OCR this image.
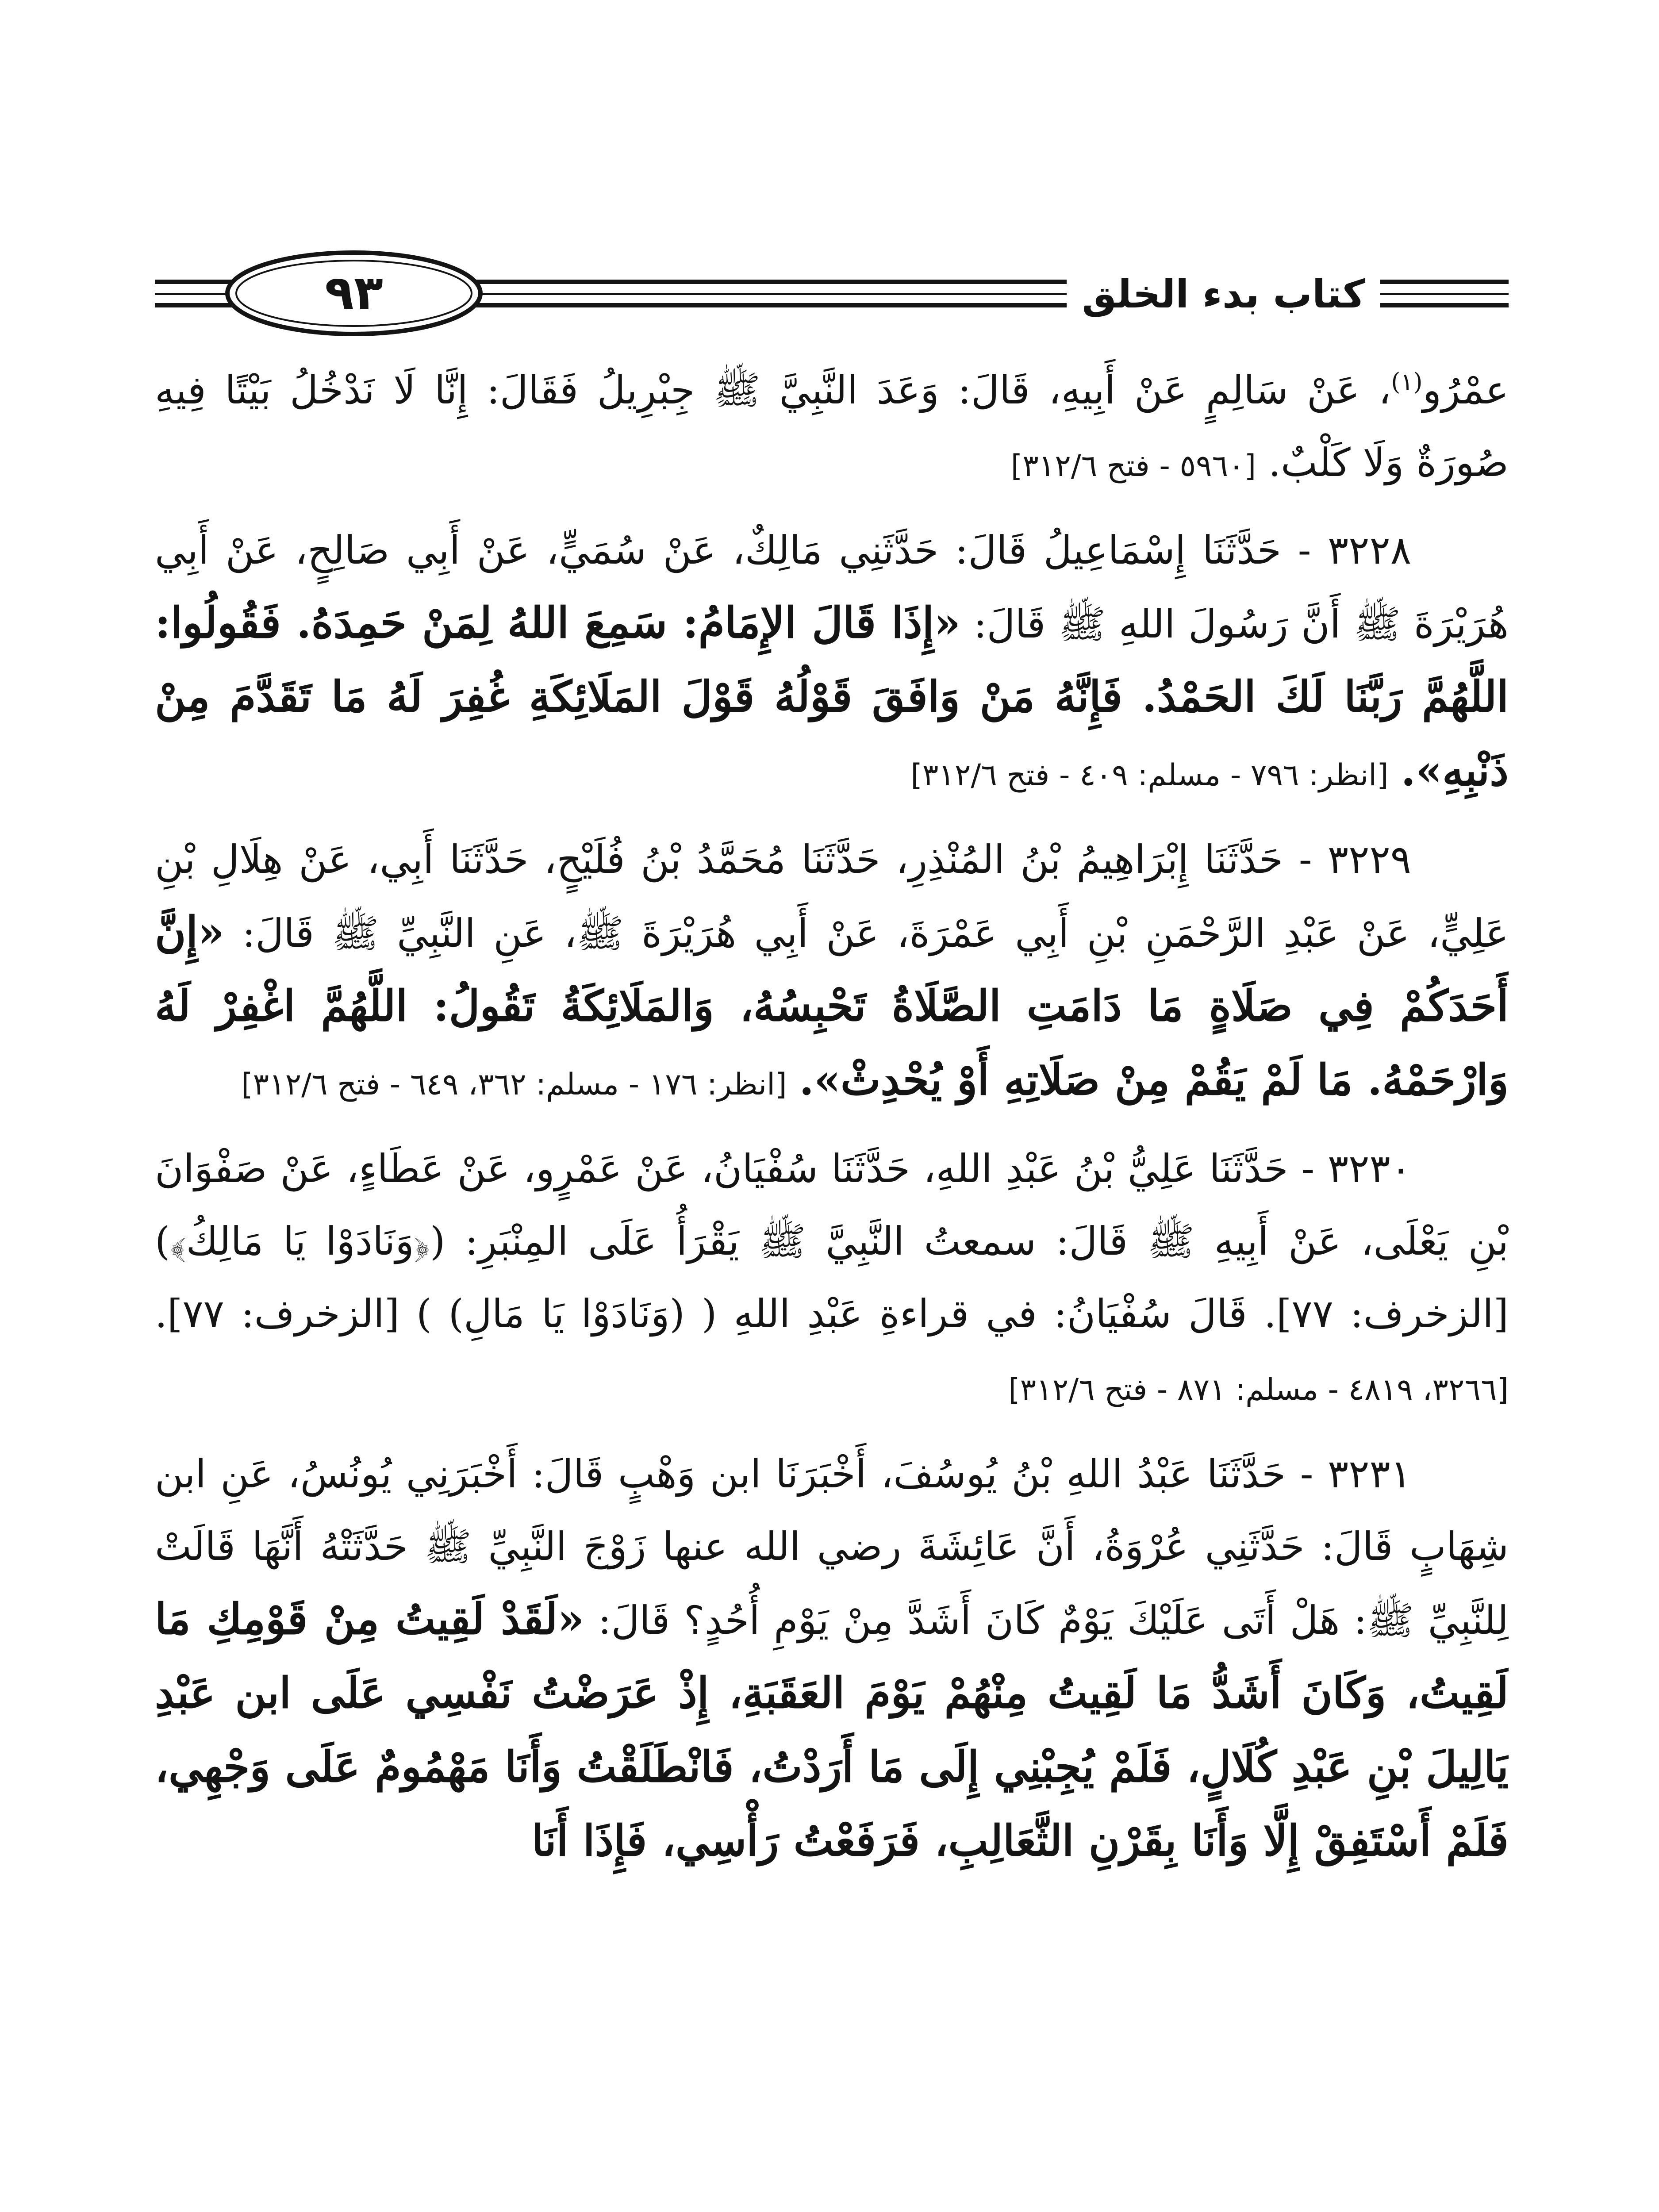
٩٣	كتاب بدء الخلق

عمْرُو$^{(١)}$، عَنْ سَالِمٍ عَنْ أَبِيهِ، قَالَ: وَعَدَ النَّبِيَّ ﷺ جِبْرِيلُ فَقَالَ: إِنَّا لَا نَدْخُلُ بَيْتًا فِيهِ صُورَةٌ وَلَا كَلْبٌ. [٥٩٦٠ - فتح ٣١٢/٦]

٣٢٢٨ - حَدَّثَنَا إِسْمَاعِيلُ قَالَ: حَدَّثَنِي مَالِكٌ، عَنْ سُمَيٍّ، عَنْ أَبِي صَالِحٍ، عَنْ أَبِي هُرَيْرَةَ ﷺ أَنَّ رَسُولَ اللهِ ﷺ قَالَ: «إِذَا قَالَ الإِمَامُ: سَمِعَ اللهُ لِمَنْ حَمِدَهُ. فَقُولُوا: اللَّهُمَّ رَبَّنَا لَكَ الحَمْدُ. فَإِنَّهُ مَنْ وَافَقَ قَوْلُهُ قَوْلَ المَلَائِكَةِ غُفِرَ لَهُ مَا تَقَدَّمَ مِنْ ذَنْبِهِ». [انظر: ٧٩٦ - مسلم: ٤٠٩ - فتح ٣١٢/٦]

٣٢٢٩ - حَدَّثَنَا إِبْرَاهِيمُ بْنُ المُنْذِرِ، حَدَّثَنَا مُحَمَّدُ بْنُ فُلَيْحٍ، حَدَّثَنَا أَبِي، عَنْ هِلَالِ بْنِ عَلِيٍّ، عَنْ عَبْدِ الرَّحْمَنِ بْنِ أَبِي عَمْرَةَ، عَنْ أَبِي هُرَيْرَةَ ﷺ، عَنِ النَّبِيِّ ﷺ قَالَ: «إِنَّ أَحَدَكُمْ فِي صَلَاةٍ مَا دَامَتِ الصَّلَاةُ تَحْبِسُهُ، وَالمَلَائِكَةُ تَقُولُ: اللَّهُمَّ اغْفِرْ لَهُ وَارْحَمْهُ. مَا لَمْ يَقُمْ مِنْ صَلَاتِهِ أَوْ يُحْدِثْ». [انظر: ١٧٦ - مسلم: ٣٦٢، ٦٤٩ - فتح ٣١٢/٦]

٣٢٣٠ - حَدَّثَنَا عَلِيُّ بْنُ عَبْدِ اللهِ، حَدَّثَنَا سُفْيَانُ، عَنْ عَمْرٍو، عَنْ عَطَاءٍ، عَنْ صَفْوَانَ بْنِ يَعْلَى، عَنْ أَبِيهِ ﷺ قَالَ: سمعتُ النَّبِيَّ ﷺ يَقْرَأُ عَلَى المِنْبَرِ: (﴿وَنَادَوْا يَا مَالِكُ﴾) [الزخرف: ٧٧]. قَالَ سُفْيَانُ: في قراءةِ عَبْدِ اللهِ ( (وَنَادَوْا يَا مَالِ) ) [الزخرف: ٧٧]. [٣٢٦٦، ٤٨١٩ - مسلم: ٨٧١ - فتح ٣١٢/٦]

٣٢٣١ - حَدَّثَنَا عَبْدُ اللهِ بْنُ يُوسُفَ، أَخْبَرَنَا ابن وَهْبٍ قَالَ: أَخْبَرَنِي يُونُسُ، عَنِ ابن شِهَابٍ قَالَ: حَدَّثَنِي عُرْوَةُ، أَنَّ عَائِشَةَ رضي الله عنها زَوْجَ النَّبِيِّ ﷺ حَدَّثَتْهُ أَنَّهَا قَالَتْ لِلنَّبِيِّ ﷺ: هَلْ أَتَى عَلَيْكَ يَوْمٌ كَانَ أَشَدَّ مِنْ يَوْمِ أُحُدٍ؟ قَالَ: «لَقَدْ لَقِيتُ مِنْ قَوْمِكِ مَا لَقِيتُ، وَكَانَ أَشَدُّ مَا لَقِيتُ مِنْهُمْ يَوْمَ العَقَبَةِ، إِذْ عَرَضْتُ نَفْسِي عَلَى ابن عَبْدِ يَالِيلَ بْنِ عَبْدِ كُلَالٍ، فَلَمْ يُجِبْنِي إِلَى مَا أَرَدْتُ، فَانْطَلَقْتُ وَأَنَا مَهْمُومٌ عَلَى وَجْهِي، فَلَمْ أَسْتَفِقْ إِلَّا وَأَنَا بِقَرْنِ الثَّعَالِبِ، فَرَفَعْتُ رَأْسِي، فَإِذَا أَنَا
